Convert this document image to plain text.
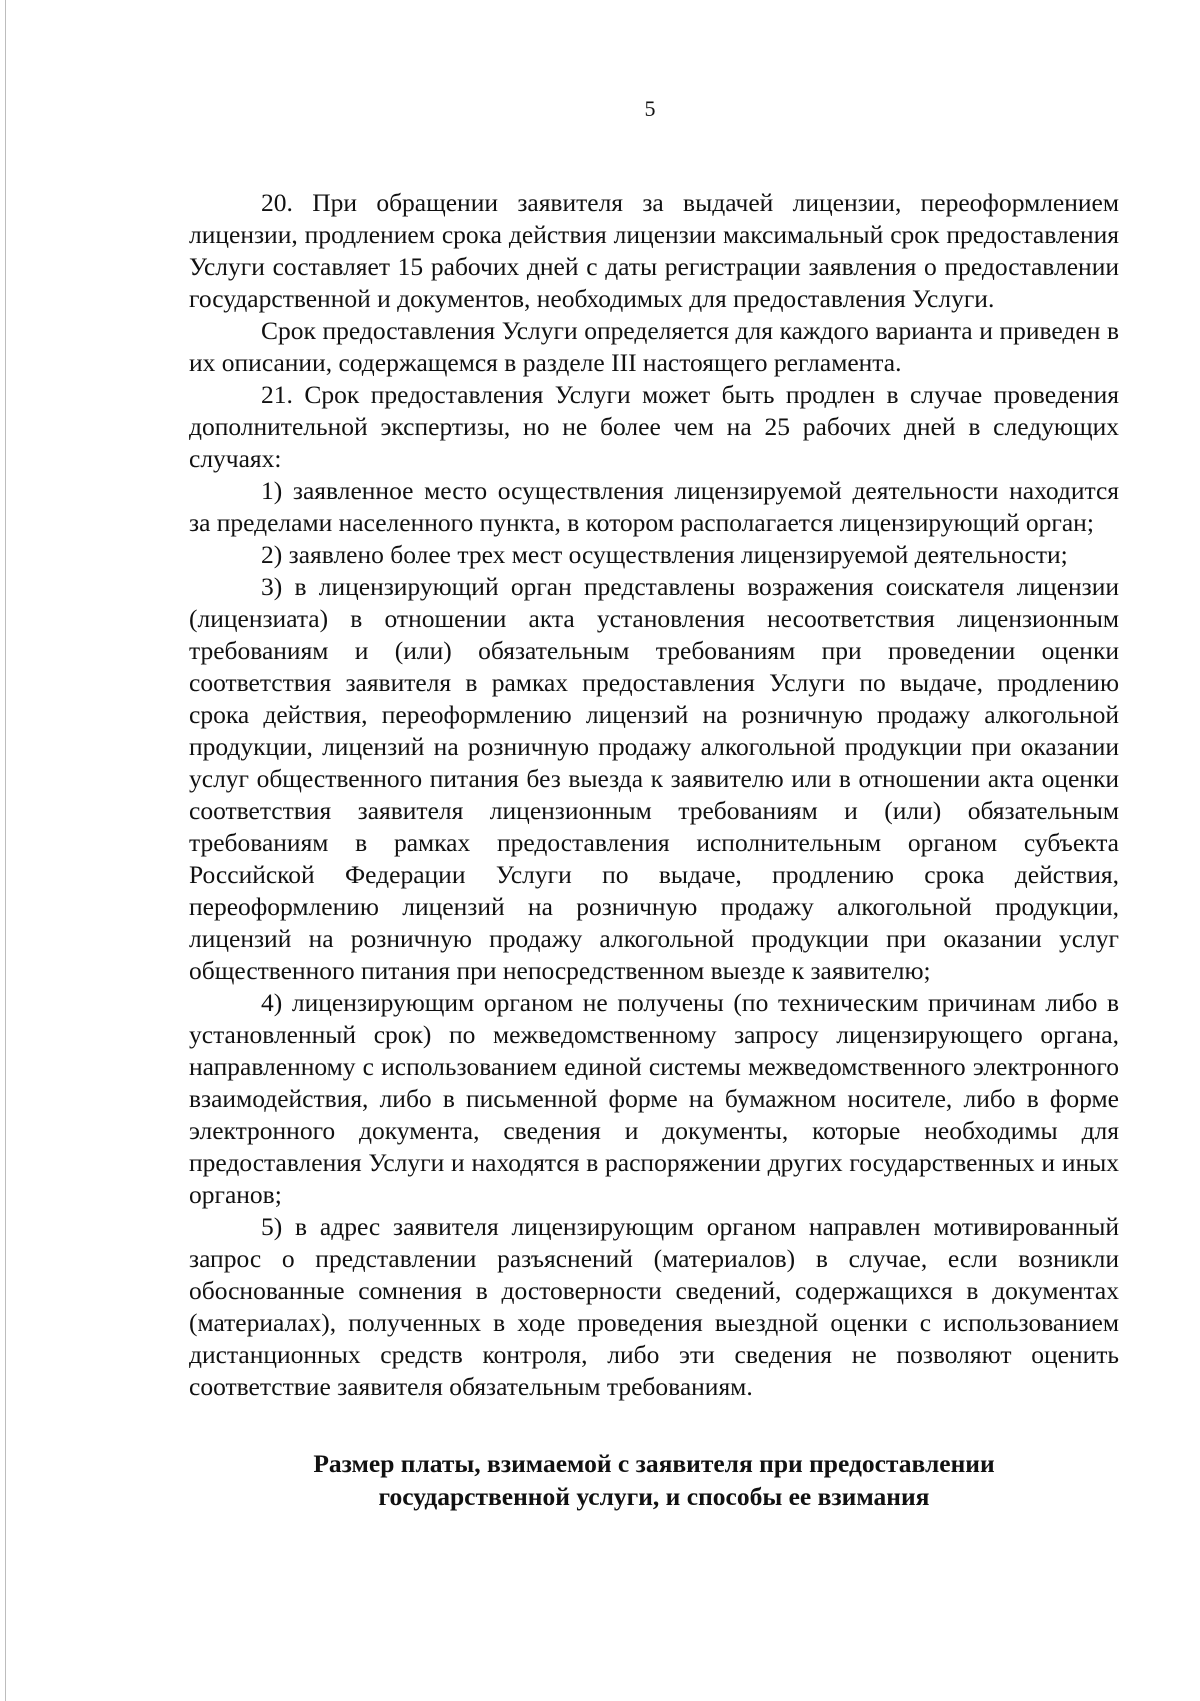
5

20. При обращении заявителя за выдачей лицензии, переоформлением лицензии, продлением срока действия лицензии максимальный срок предоставления Услуги составляет 15 рабочих дней с даты регистрации заявления о предоставлении государственной и документов, необходимых для предоставления Услуги.

Срок предоставления Услуги определяется для каждого варианта и приведен в их описании, содержащемся в разделе III настоящего регламента.

21. Срок предоставления Услуги может быть продлен в случае проведения дополнительной экспертизы, но не более чем на 25 рабочих дней в следующих случаях:

1) заявленное место осуществления лицензируемой деятельности находится за пределами населенного пункта, в котором располагается лицензирующий орган;

2) заявлено более трех мест осуществления лицензируемой деятельности;

3) в лицензирующий орган представлены возражения соискателя лицензии (лицензиата) в отношении акта установления несоответствия лицензионным требованиям и (или) обязательным требованиям при проведении оценки соответствия заявителя в рамках предоставления Услуги по выдаче, продлению срока действия, переоформлению лицензий на розничную продажу алкогольной продукции, лицензий на розничную продажу алкогольной продукции при оказании услуг общественного питания без выезда к заявителю или в отношении акта оценки соответствия заявителя лицензионным требованиям и (или) обязательным требованиям в рамках предоставления исполнительным органом субъекта Российской Федерации Услуги по выдаче, продлению срока действия, переоформлению лицензий на розничную продажу алкогольной продукции, лицензий на розничную продажу алкогольной продукции при оказании услуг общественного питания при непосредственном выезде к заявителю;

4) лицензирующим органом не получены (по техническим причинам либо в установленный срок) по межведомственному запросу лицензирующего органа, направленному с использованием единой системы межведомственного электронного взаимодействия, либо в письменной форме на бумажном носителе, либо в форме электронного документа, сведения и документы, которые необходимы для предоставления Услуги и находятся в распоряжении других государственных и иных органов;

5) в адрес заявителя лицензирующим органом направлен мотивированный запрос о представлении разъяснений (материалов) в случае, если возникли обоснованные сомнения в достоверности сведений, содержащихся в документах (материалах), полученных в ходе проведения выездной оценки с использованием дистанционных средств контроля, либо эти сведения не позволяют оценить соответствие заявителя обязательным требованиям.

Размер платы, взимаемой с заявителя при предоставлении
государственной услуги, и способы ее взимания
